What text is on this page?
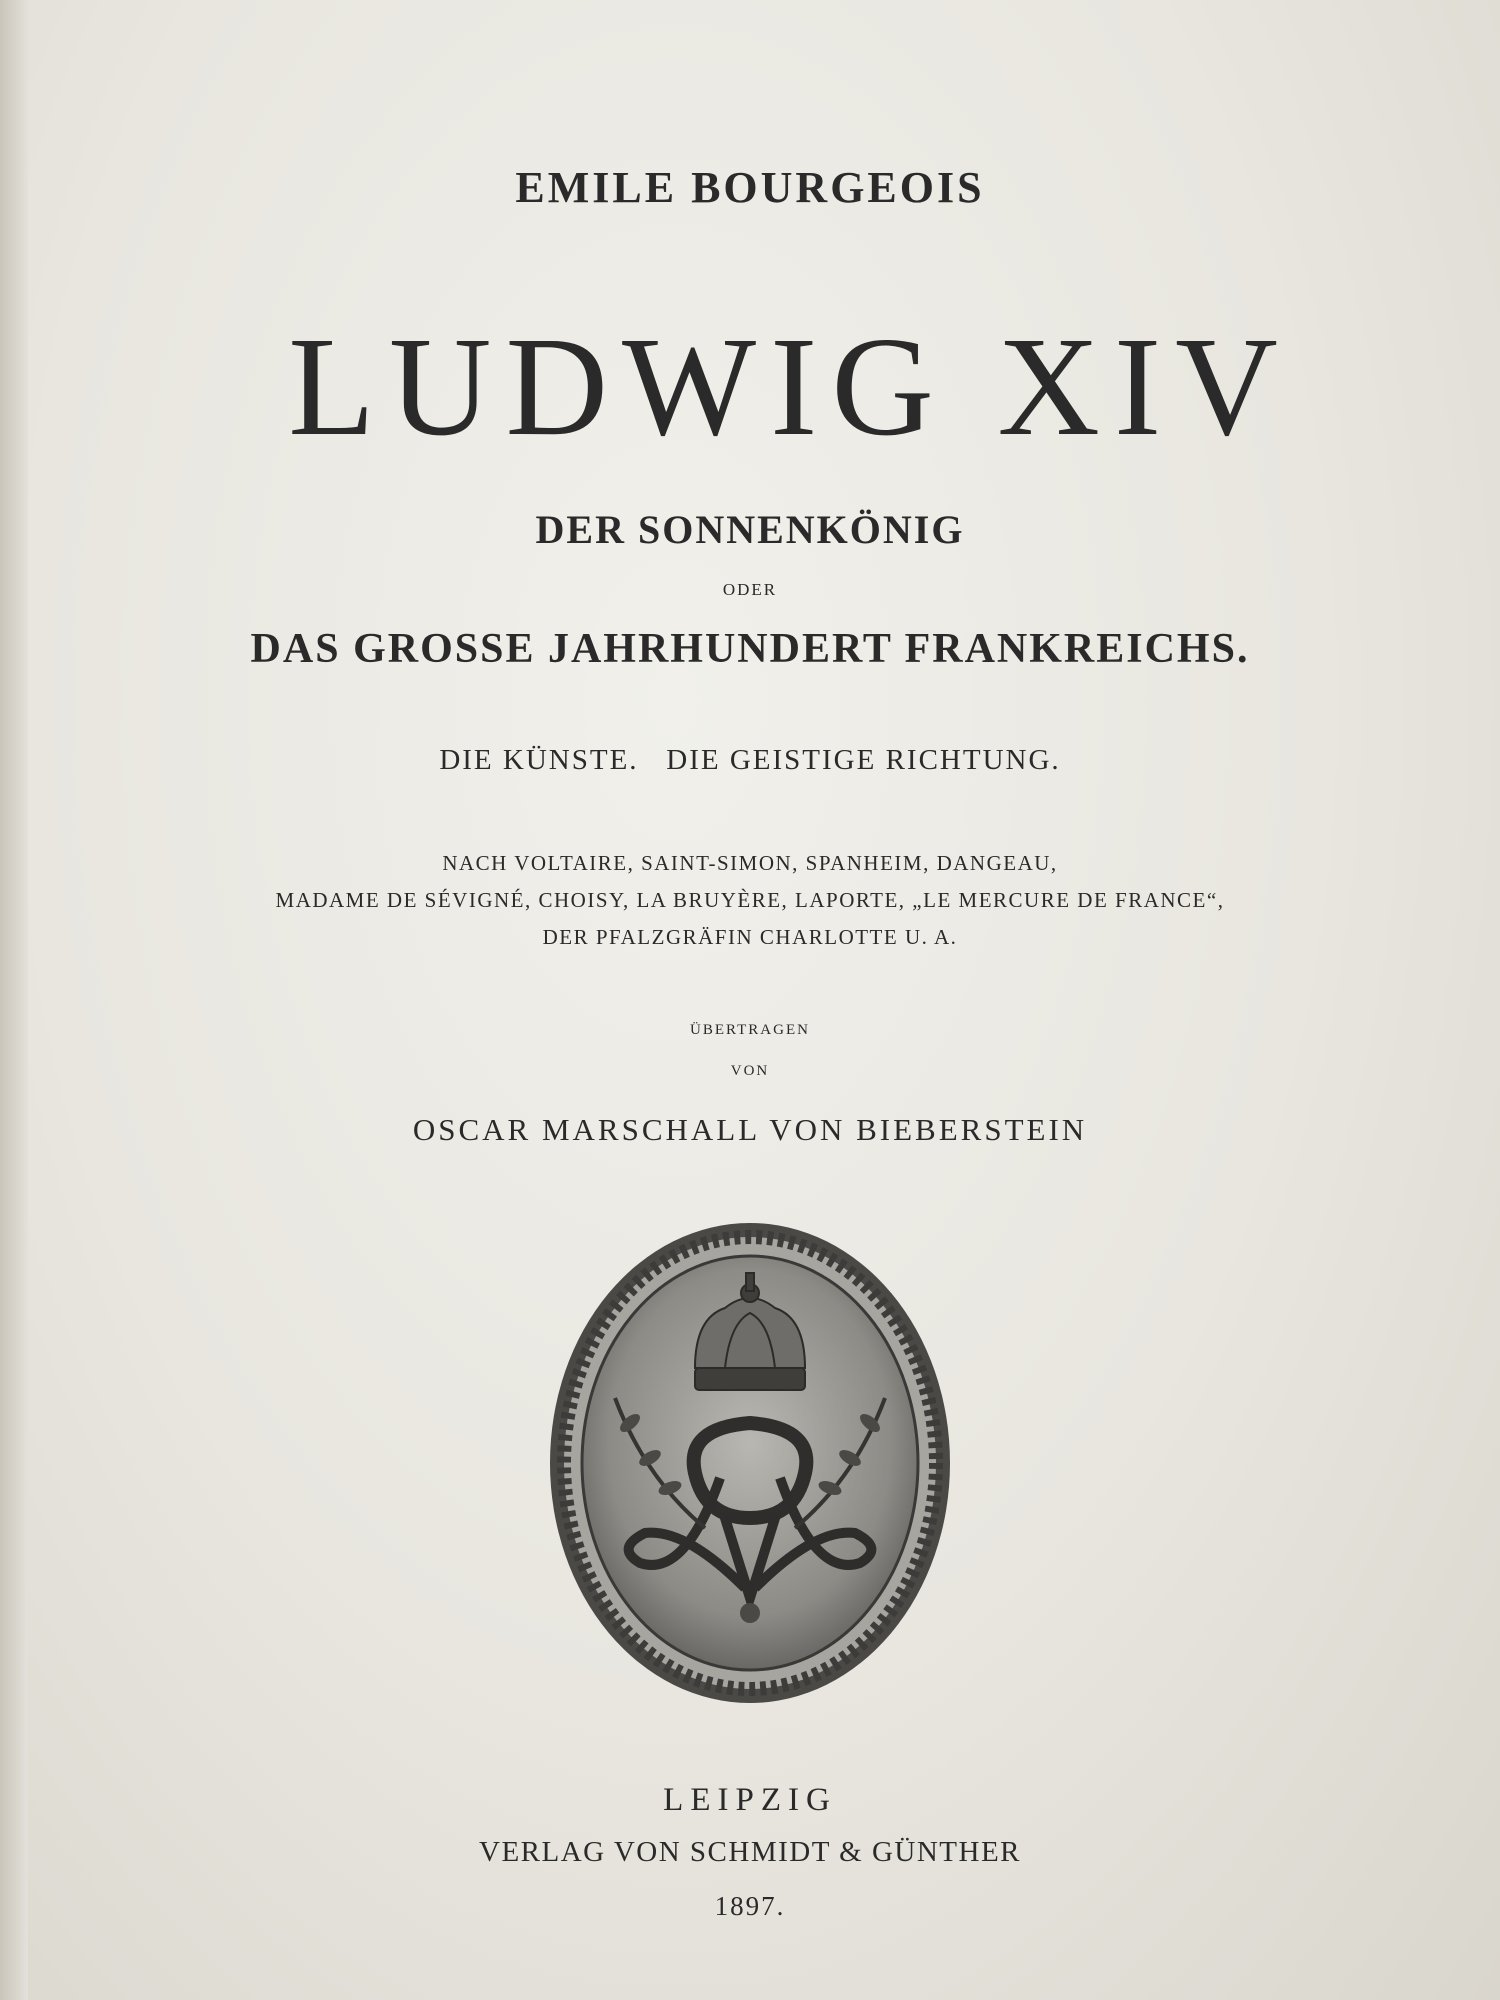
EMILE BOURGEOIS
LUDWIG XIV
DER SONNENKÖNIG
ODER
DAS GROSSE JAHRHUNDERT FRANKREICHS.
DIE KÜNSTE.   DIE GEISTIGE RICHTUNG.
NACH VOLTAIRE, SAINT-SIMON, SPANHEIM, DANGEAU,
MADAME DE SÉVIGNÉ, CHOISY, LA BRUYÈRE, LAPORTE, „LE MERCURE DE FRANCE“,
DER PFALZGRÄFIN CHARLOTTE U. A.
ÜBERTRAGEN
VON
OSCAR MARSCHALL VON BIEBERSTEIN
LEIPZIG
VERLAG VON SCHMIDT & GÜNTHER
1897.
